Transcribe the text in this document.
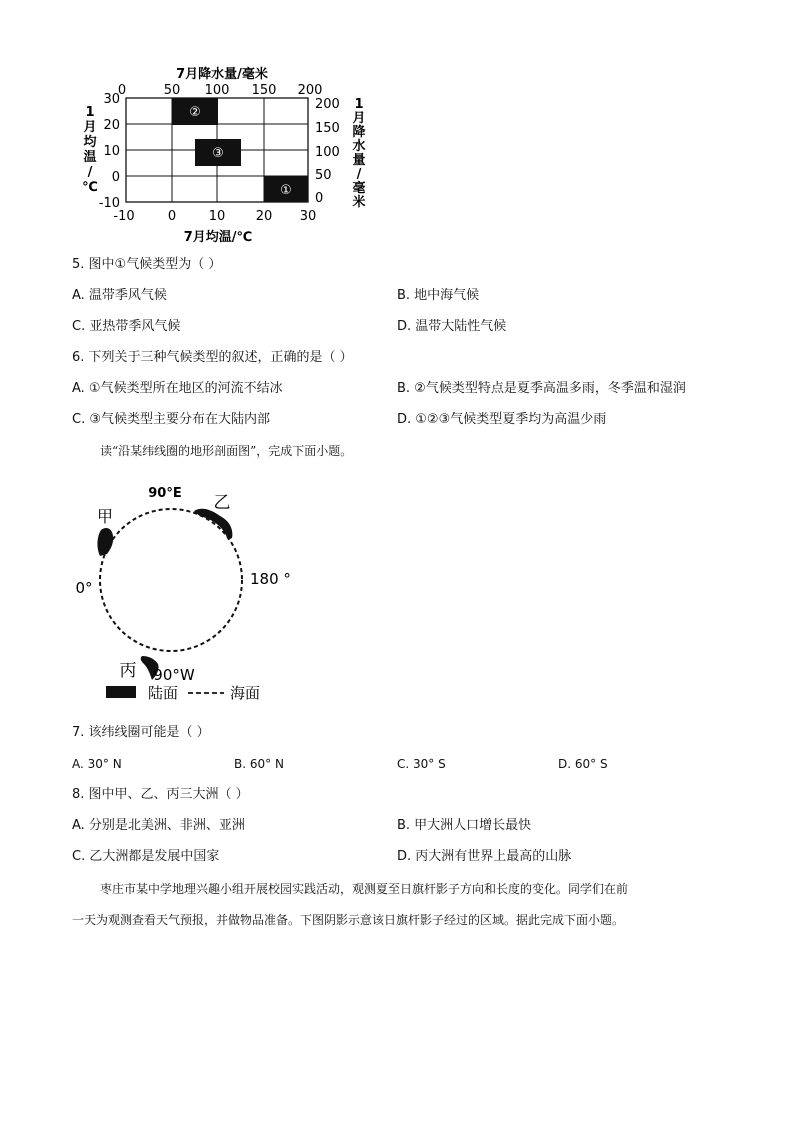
7月降水量/毫米
0	50 100 150 200
30
20
10
0
-10
200
150
100
50
0
-10	0	10 20 30
7月均温/℃
1
月
均
温
/
℃
1
月
降
水
量
/
毫
米
②
③
①
5. 图中①气候类型为（ ）
A. 温带季风气候	B. 地中海气候
C. 亚热带季风气候	D. 温带大陆性气候
6. 下列关于三种气候类型的叙述，正确的是（ ）
A. ①气候类型所在地区的河流不结冰	B. ②气候类型特点是夏季高温多雨，冬季温和湿润
C. ③气候类型主要分布在大陆内部	D. ①②③气候类型夏季均为高温少雨
读“沿某纬线圈的地形剖面图”，完成下面小题。
90°E 乙
甲
180 °
0°
丙 90°W
陆面	海面
7. 该纬线圈可能是（ ）
A. 30° N	B. 60° N	C. 30° S	D. 60° S
8. 图中甲、乙、丙三大洲（ ）
A. 分别是北美洲、非洲、亚洲	B. 甲大洲人口增长最快
C. 乙大洲都是发展中国家	D. 丙大洲有世界上最高的山脉
枣庄市某中学地理兴趣小组开展校园实践活动，观测夏至日旗杆影子方向和长度的变化。同学们在前
一天为观测查看天气预报，并做物品准备。下图阴影示意该日旗杆影子经过的区域。据此完成下面小题。
